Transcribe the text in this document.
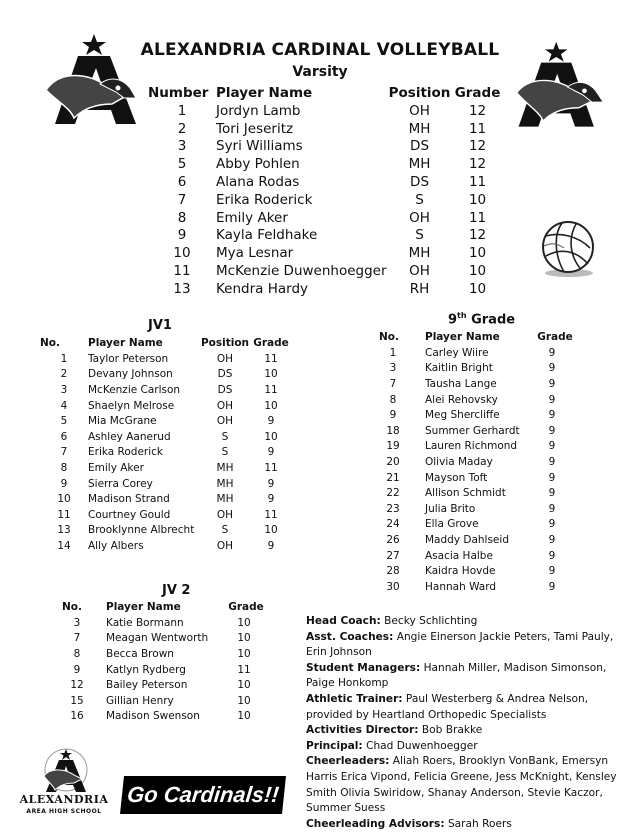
ALEXANDRIA CARDINAL VOLLEYBALL
Varsity
Number	Player Name	Position	Grade
1	Jordyn Lamb	OH	12
2	Tori Jeseritz	MH	11
3	Syri Williams	DS	12
5	Abby Pohlen	MH	12
6	Alana Rodas	DS	11
7	Erika Roderick	S	10
8	Emily Aker	OH	11
9	Kayla Feldhake	S	12
10	Mya Lesnar	MH	10
11	McKenzie Duwenhoegger	OH	10
13	Kendra Hardy	RH	10
JV1
No.	Player Name	Position	Grade
1	Taylor Peterson	OH	11
2	Devany Johnson	DS	10
3	McKenzie Carlson	DS	11
4	Shaelyn Melrose	OH	10
5	Mia McGrane	OH	9
6	Ashley Aanerud	S	10
7	Erika Roderick	S	9
8	Emily Aker	MH	11
9	Sierra Corey	MH	9
10	Madison Strand	MH	9
11	Courtney Gould	OH	11
13	Brooklynne Albrecht	S	10
14	Ally Albers	OH	9
9th Grade
No.	Player Name	Grade
1	Carley Wiire	9
3	Kaitlin Bright	9
7	Tausha Lange	9
8	Alei Rehovsky	9
9	Meg Shercliffe	9
18	Summer Gerhardt	9
19	Lauren Richmond	9
20	Olivia Maday	9
21	Mayson Toft	9
22	Allison Schmidt	9
23	Julia Brito	9
24	Ella Grove	9
26	Maddy Dahlseid	9
27	Asacia Halbe	9
28	Kaidra Hovde	9
30	Hannah Ward	9
JV 2
No.	Player Name	Grade
3	Katie Bormann	10
7	Meagan Wentworth	10
8	Becca Brown	10
9	Katlyn Rydberg	11
12	Bailey Peterson	10
15	Gillian Henry	10
16	Madison Swenson	10
Head Coach: Becky Schlichting
Asst. Coaches: Angie Einerson Jackie Peters, Tami Pauly, Erin Johnson
Student Managers: Hannah Miller, Madison Simonson, Paige Honkomp
Athletic Trainer: Paul Westerberg & Andrea Nelson, provided by Heartland Orthopedic Specialists
Activities Director: Bob Brakke
Principal: Chad Duwenhoegger
Cheerleaders: Aliah Roers, Brooklyn VonBank, Emersyn Harris Erica Vipond, Felicia Greene, Jess McKnight, Kensley Smith Olivia Swiridow, Shanay Anderson, Stevie Kaczor, Summer Suess
Cheerleading Advisors: Sarah Roers
ALEXANDRIA
AREA HIGH SCHOOL
Go Cardinals!!
